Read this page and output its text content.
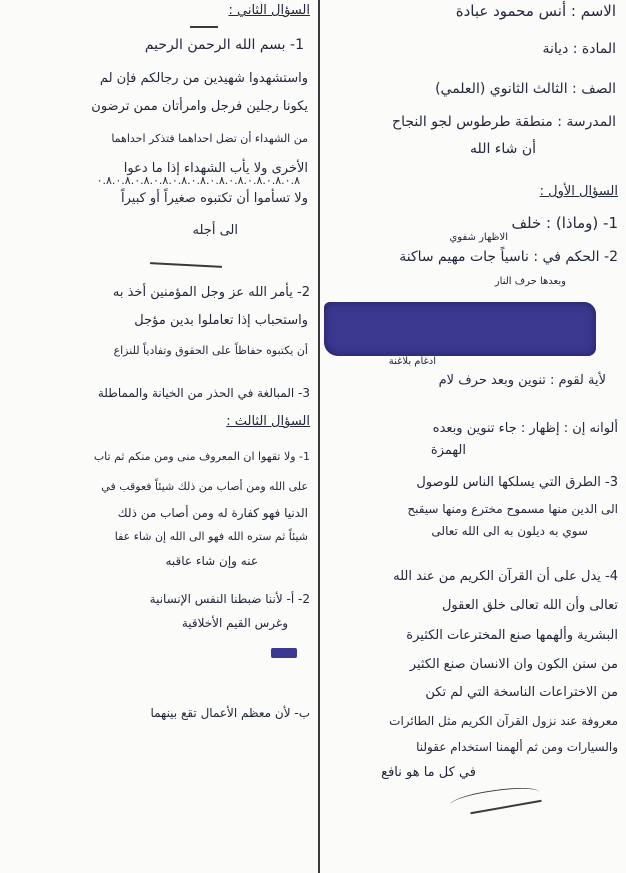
الاسم : أنس محمود عبادة
المادة : ديانة
الصف : الثالث الثانوي (العلمي)
المدرسة : منطقة طرطوس لجو النجاح
أن شاء الله
٠.٨.٠.٨.٠.٨.٠.٨.٠.٨.٠.٨.٠.٨.٠.٨.٠.٨.٠.٨.٠.٨
السؤال الأول :
1- (وماذا) : خلف
الاظهار شفوي
2- الحكم في : ناسياً جات مهيم ساكنة
وبعدها حرف النار
ادغام بلاغنة
لأية لقوم : تنوين وبعد حرف لام
ألوانه إن : إظهار : جاء تنوين وبعده
الهمزة
3- الطرق التي يسلكها الناس للوصول
الى الدين منها مسموح مخترع ومنها سيقبح
سوي به ديلون به الى الله تعالى
4- يدل على أن القرآن الكريم من عند الله
تعالى وأن الله تعالى خلق العقول
البشرية وألهمها صنع المخترعات الكثيرة
من سنن الكون وان الانسان صنع الكثير
من الاختراعات الناسخة التي لم تكن
معروفة عند نزول القرآن الكريم مثل الطائرات
والسيارات ومن ثم ألهمنا استخدام عقولنا
في كل ما هو نافع
السؤال الثاني :
1- بسم الله الرحمن الرحيم
واستشهدوا شهيدين من رجالكم فإن لم
يكونا رجلين فرجل وامرأتان ممن ترضون
من الشهداء أن تضل احداهما فتذكر احداهما
الأخرى ولا يأب الشهداء إذا ما دعوا
ولا تسأموا أن تكتبوه صغيراً أو كبيراً
الى أجله
2- يأمر الله عز وجل المؤمنين أخذ به
واستحباب إذا تعاملوا بدين مؤجل
أن يكتبوه حفاظاً على الحقوق وتفادياً للنزاع
3- المبالغة في الحذر من الخيانة والمماطلة
السؤال الثالث :
1- ولا تقهوا ان المعروف منى ومن منكم ثم تاب
على الله ومن أصاب من ذلك شيئاً فعوقب في
الدنيا فهو كفارة له ومن أصاب من ذلك
شيئاً ثم ستره الله فهو الى الله إن شاء عفا
عنه وإن شاء عاقبه
2- أ- لأننا ضبطنا النفس الإنسانية
وغرس القيم الأخلاقية
ب- لأن معظم الأعمال تقع بينهما
